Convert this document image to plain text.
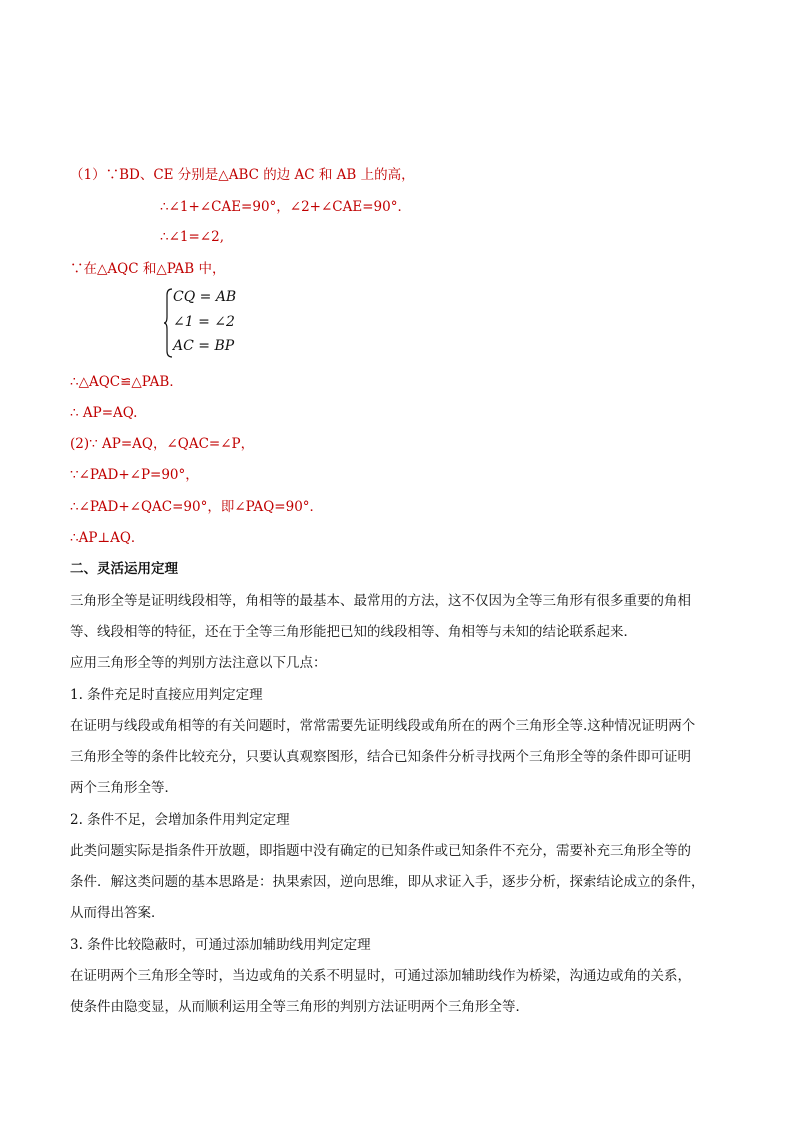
（1）∵BD、CE 分别是△ABC 的边 AC 和 AB 上的高，
∴∠1+∠CAE=90°，∠2+∠CAE=90°．
∴∠1=∠2,
∵在△AQC 和△PAB 中，
CQ = AB
∠1 = ∠2
AC = BP
∴△AQC≌△PAB．
∴ AP=AQ.
(2)∵ AP=AQ，∠QAC=∠P，
∵∠PAD+∠P=90°，
∴∠PAD+∠QAC=90°，即∠PAQ=90°．
∴AP⊥AQ．
二、灵活运用定理
三角形全等是证明线段相等，角相等的最基本、最常用的方法，这不仅因为全等三角形有很多重要的角相
等、线段相等的特征，还在于全等三角形能把已知的线段相等、角相等与未知的结论联系起来．
应用三角形全等的判别方法注意以下几点：
1. 条件充足时直接应用判定定理
在证明与线段或角相等的有关问题时，常常需要先证明线段或角所在的两个三角形全等.这种情况证明两个
三角形全等的条件比较充分，只要认真观察图形，结合已知条件分析寻找两个三角形全等的条件即可证明
两个三角形全等．
2. 条件不足，会增加条件用判定定理
此类问题实际是指条件开放题，即指题中没有确定的已知条件或已知条件不充分，需要补充三角形全等的
条件．解这类问题的基本思路是：执果索因，逆向思维，即从求证入手，逐步分析，探索结论成立的条件，
从而得出答案．
3. 条件比较隐蔽时，可通过添加辅助线用判定定理
在证明两个三角形全等时，当边或角的关系不明显时，可通过添加辅助线作为桥梁，沟通边或角的关系，
使条件由隐变显，从而顺利运用全等三角形的判别方法证明两个三角形全等．
